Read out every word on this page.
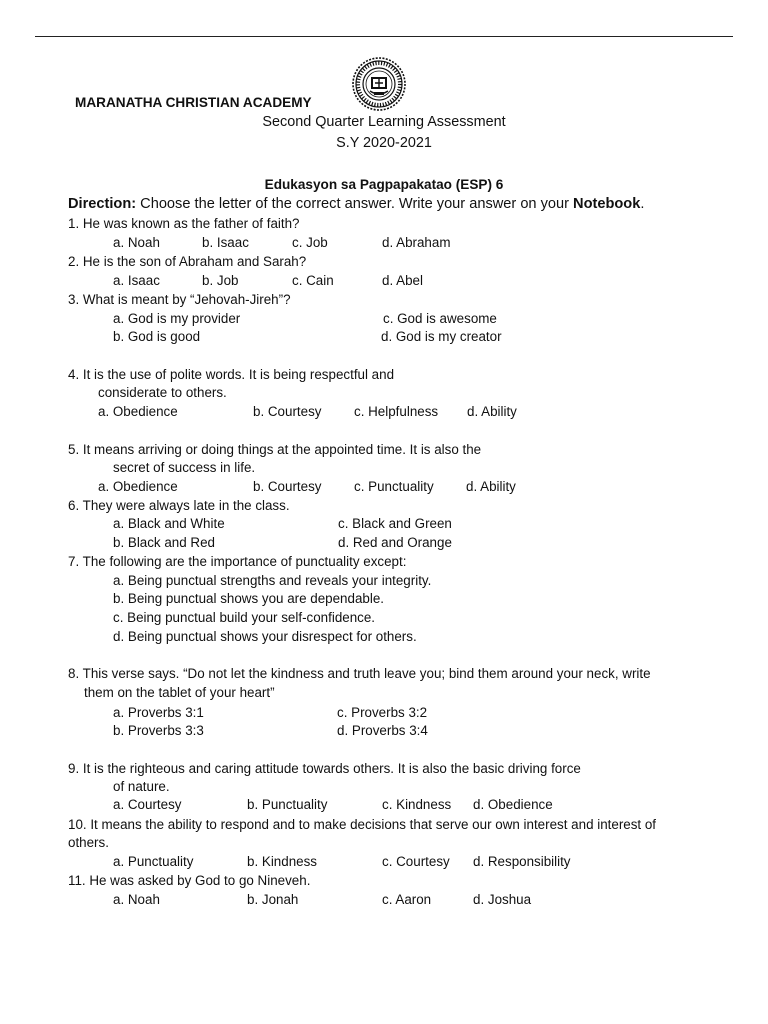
MARANATHA CHRISTIAN ACADEMY
Second Quarter Learning Assessment
S.Y 2020-2021
Edukasyon sa Pagpapakatao (ESP) 6
Direction: Choose the letter of the correct answer. Write your answer on your Notebook.
1. He was known as the father of faith?
a. Noah	b. Isaac	c. Job	d. Abraham
2. He is the son of Abraham and Sarah?
a. Isaac	b. Job	c. Cain	d. Abel
3. What is meant by “Jehovah-Jireh”?
a. God is my provider	c. God is awesome
b. God is good	d. God is my creator
4. It is the use of polite words. It is being respectful and
considerate to others.
a. Obedience	b. Courtesy c. Helpfulness d. Ability
5. It means arriving or doing things at the appointed time. It is also the
secret of success in life.
a. Obedience	b. Courtesy c. Punctuality d. Ability
6. They were always late in the class.
a. Black and White	c. Black and Green
b. Black and Red	d. Red and Orange
7. The following are the importance of punctuality except:
a. Being punctual strengths and reveals your integrity.
b. Being punctual shows you are dependable.
c. Being punctual build your self-confidence.
d. Being punctual shows your disrespect for others.
8. This verse says. “Do not let the kindness and truth leave you; bind them around your neck, write
them on the tablet of your heart”
a. Proverbs 3:1	c. Proverbs 3:2
b. Proverbs 3:3	d. Proverbs 3:4
9. It is the righteous and caring attitude towards others. It is also the basic driving force
of nature.
a. Courtesy	b. Punctuality	c. Kindness d. Obedience
10. It means the ability to respond and to make decisions that serve our own interest and interest of
others.
a. Punctuality	b. Kindness	c. Courtesy d. Responsibility
11. He was asked by God to go Nineveh.
a. Noah	b. Jonah	c. Aaron	d. Joshua
